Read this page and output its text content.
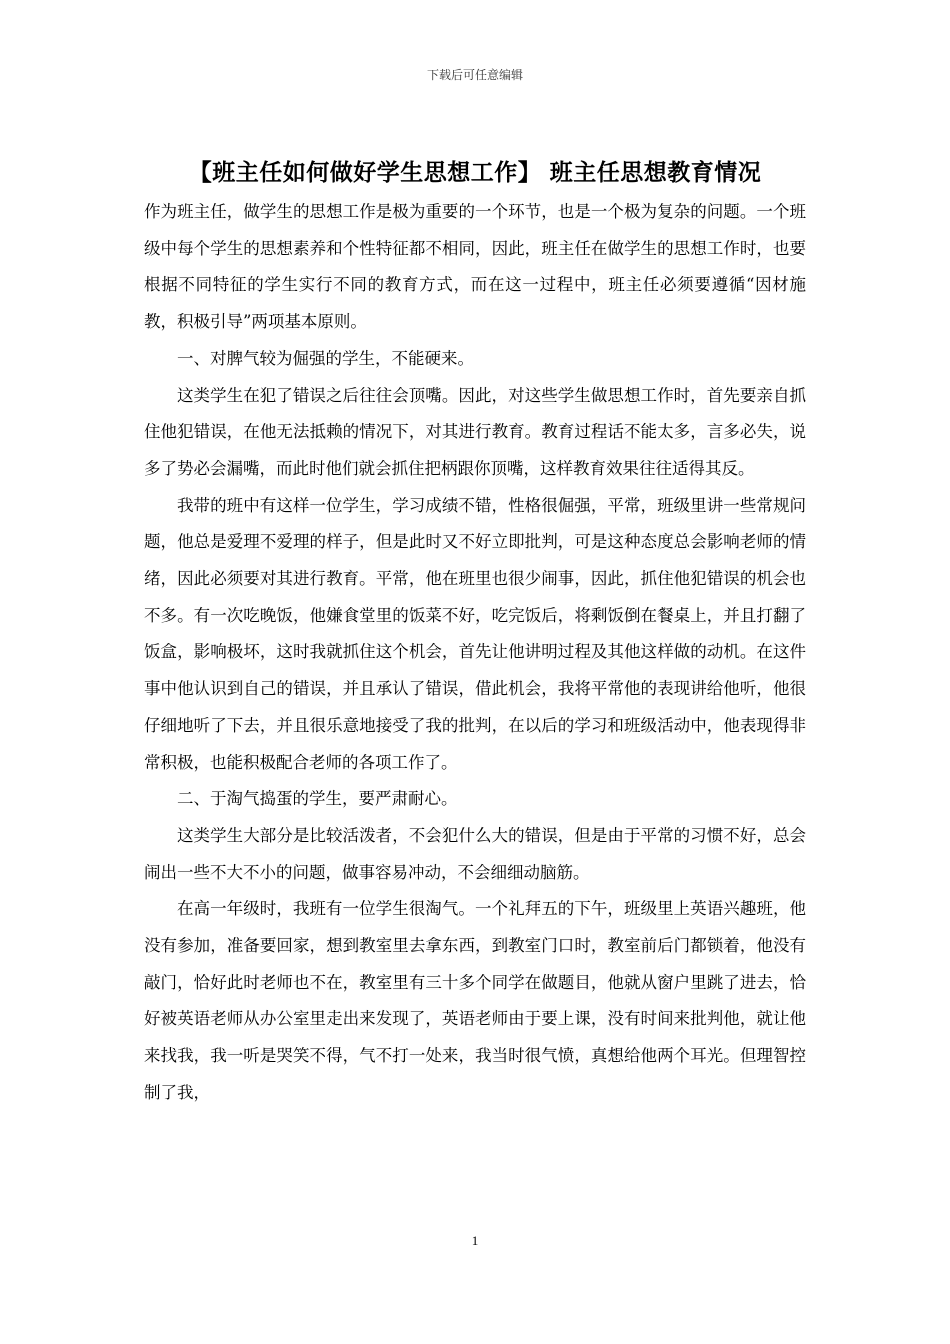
下载后可任意编辑
【班主任如何做好学生思想工作】 班主任思想教育情况

作为班主任，做学生的思想工作是极为重要的一个环节，也是一个极为复杂的问题。一个班级中每个学生的思想素养和个性特征都不相同，因此，班主任在做学生的思想工作时，也要根据不同特征的学生实行不同的教育方式，而在这一过程中，班主任必须要遵循“因材施教，积极引导”两项基本原则。

一、对脾气较为倔强的学生，不能硬来。

这类学生在犯了错误之后往往会顶嘴。因此，对这些学生做思想工作时，首先要亲自抓住他犯错误，在他无法抵赖的情况下，对其进行教育。教育过程话不能太多，言多必失，说多了势必会漏嘴，而此时他们就会抓住把柄跟你顶嘴，这样教育效果往往适得其反。

我带的班中有这样一位学生，学习成绩不错，性格很倔强，平常，班级里讲一些常规问题，他总是爱理不爱理的样子，但是此时又不好立即批判，可是这种态度总会影响老师的情绪，因此必须要对其进行教育。平常，他在班里也很少闹事，因此，抓住他犯错误的机会也不多。有一次吃晚饭，他嫌食堂里的饭菜不好，吃完饭后，将剩饭倒在餐桌上，并且打翻了饭盒，影响极坏，这时我就抓住这个机会，首先让他讲明过程及其他这样做的动机。在这件事中他认识到自己的错误，并且承认了错误，借此机会，我将平常他的表现讲给他听，他很仔细地听了下去，并且很乐意地接受了我的批判，在以后的学习和班级活动中，他表现得非常积极，也能积极配合老师的各项工作了。

二、于淘气捣蛋的学生，要严肃耐心。

这类学生大部分是比较活泼者，不会犯什么大的错误，但是由于平常的习惯不好，总会闹出一些不大不小的问题，做事容易冲动，不会细细动脑筋。

在高一年级时，我班有一位学生很淘气。一个礼拜五的下午，班级里上英语兴趣班，他没有参加，准备要回家，想到教室里去拿东西，到教室门口时，教室前后门都锁着，他没有敲门，恰好此时老师也不在，教室里有三十多个同学在做题目，他就从窗户里跳了进去，恰好被英语老师从办公室里走出来发现了，英语老师由于要上课，没有时间来批判他，就让他来找我，我一听是哭笑不得，气不打一处来，我当时很气愤，真想给他两个耳光。但理智控制了我，

1
